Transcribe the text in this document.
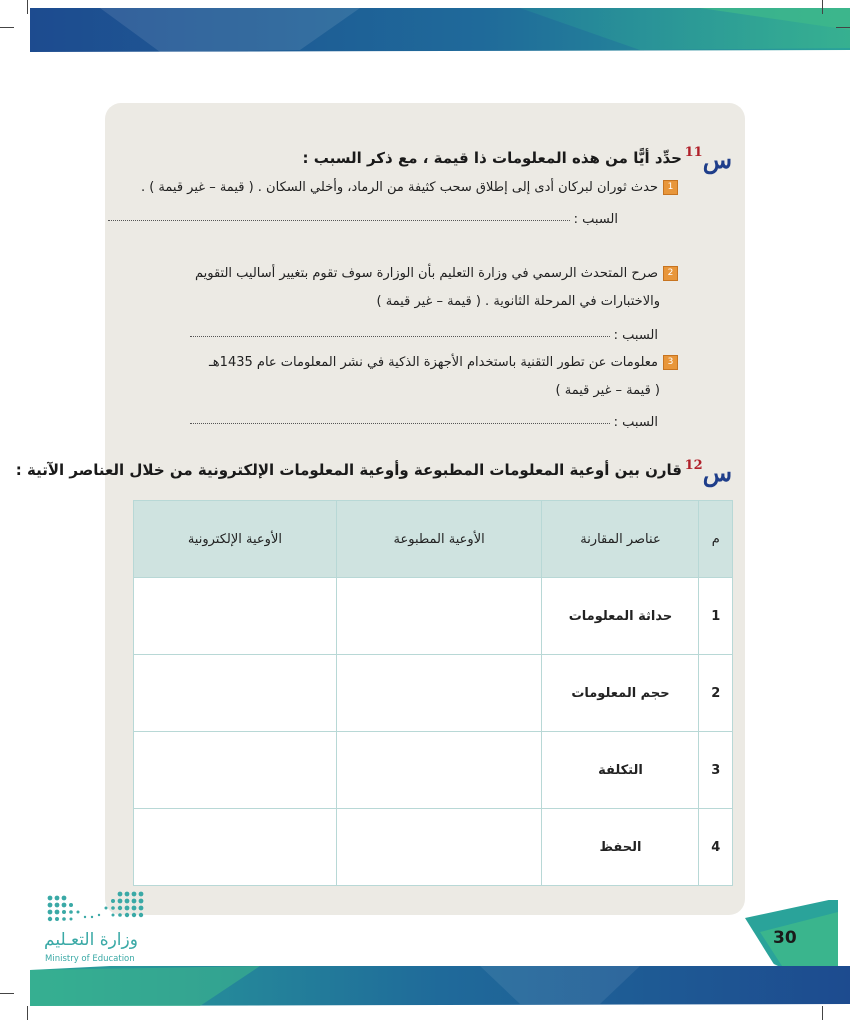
س$^{11}$
حدِّد أيًّا من هذه المعلومات ذا قيمة ، مع ذكر السبب :
1حدث ثوران لبركان أدى إلى إطلاق سحب كثيفة من الرماد، وأخلي السكان . ( قيمة – غير قيمة ) .
السبب :
2صرح المتحدث الرسمي في وزارة التعليم بأن الوزارة سوف تقوم بتغيير أساليب التقويم
والاختبارات في المرحلة الثانوية . ( قيمة – غير قيمة )
السبب :
3معلومات عن تطور التقنية باستخدام الأجهزة الذكية في نشر المعلومات عام 1435هـ
( قيمة – غير قيمة )
السبب :
س$^{12}$
قارن بين أوعية المعلومات المطبوعة وأوعية المعلومات الإلكترونية من خلال العناصر الآتية :
م	عناصر المقارنة	الأوعية المطبوعة	الأوعية الإلكترونية
1	حداثة المعلومات		
2	حجم المعلومات		
3	التكلفة		
4	الحفظ		
وزارة التعـليم
Ministry of Education
30
